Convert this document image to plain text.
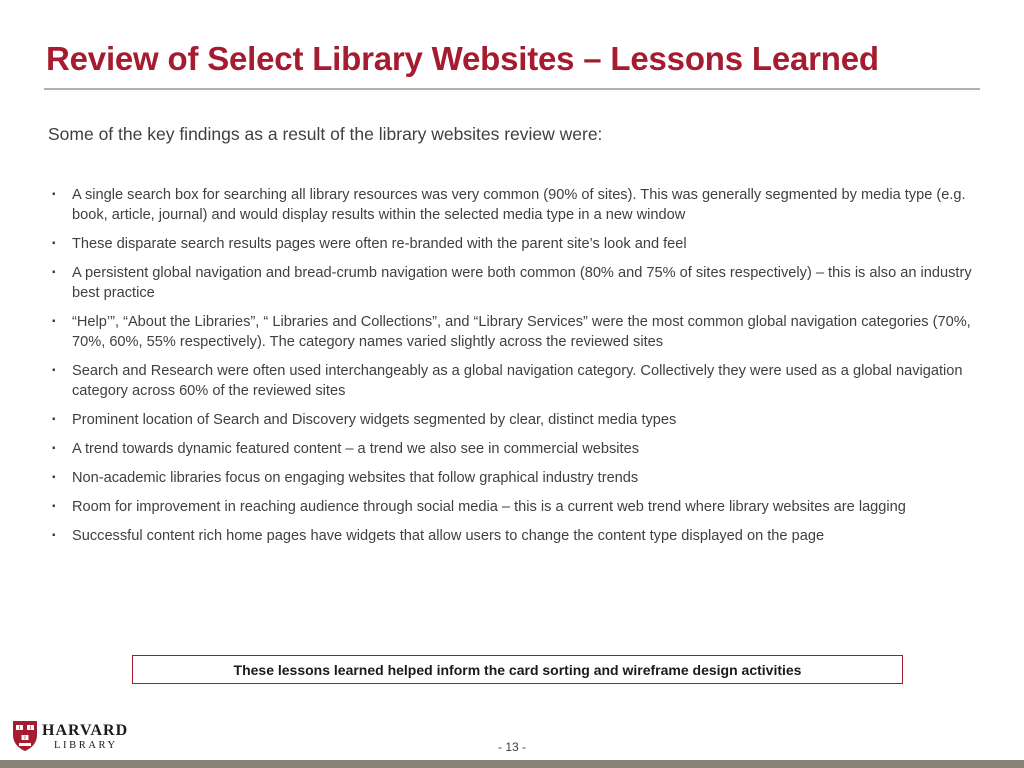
Review of Select Library Websites – Lessons Learned

Some of the key findings as a result of the library websites review were:

▪ A single search box for searching all library resources was very common (90% of sites). This was generally segmented by media type (e.g. book, article, journal) and would display results within the selected media type in a new window
▪ These disparate search results pages were often re-branded with the parent site’s look and feel
▪ A persistent global navigation and bread-crumb navigation were both common (80% and 75% of sites respectively) – this is also an industry best practice
▪ “Help’”, “About the Libraries”, “ Libraries and Collections”, and “Library Services” were the most common global navigation categories (70%, 70%, 60%, 55% respectively). The category names varied slightly across the reviewed sites
▪ Search and Research were often used interchangeably as a global navigation category. Collectively they were used as a global navigation category across 60% of the reviewed sites
▪ Prominent location of Search and Discovery widgets segmented by clear, distinct media types
▪ A trend towards dynamic featured content – a trend we also see in commercial websites
▪ Non-academic libraries focus on engaging websites that follow graphical industry trends
▪ Room for improvement in reaching audience through social media – this is a current web trend where library websites are lagging
▪ Successful content rich home pages have widgets that allow users to change the content type displayed on the page
These lessons learned helped inform the card sorting and wireframe design activities
HARVARD
LIBRARY	- 13 -
